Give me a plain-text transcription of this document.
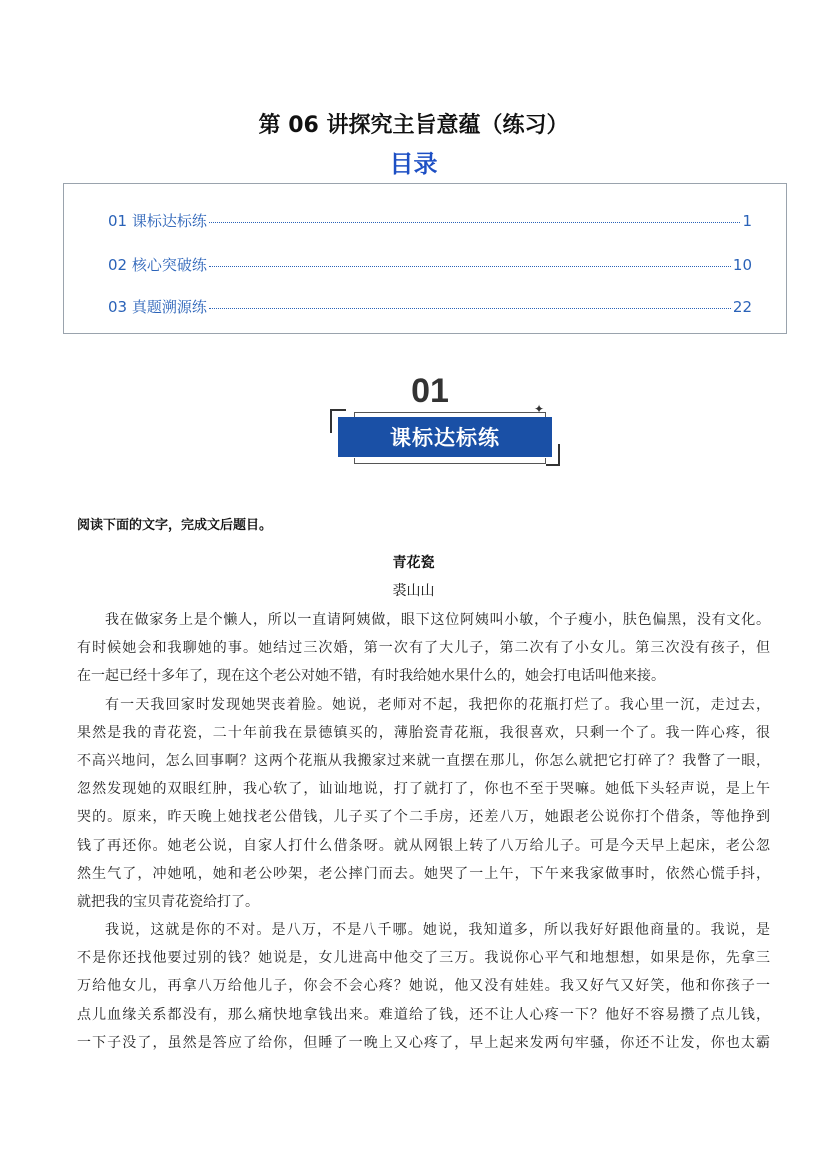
第 06 讲探究主旨意蕴（练习）
目录
01 课标达标练	1
02 核心突破练	10
03 真题溯源练	22
01	✦
课标达标练
阅读下面的文字，完成文后题目。
青花瓷
裘山山
我在做家务上是个懒人，所以一直请阿姨做，眼下这位阿姨叫小敏，个子瘦小，肤色偏黑，没有文化。
有时候她会和我聊她的事。她结过三次婚，第一次有了大儿子，第二次有了小女儿。第三次没有孩子，但
在一起已经十多年了，现在这个老公对她不错，有时我给她水果什么的，她会打电话叫他来接。
有一天我回家时发现她哭丧着脸。她说，老师对不起，我把你的花瓶打烂了。我心里一沉，走过去，
果然是我的青花瓷，二十年前我在景德镇买的，薄胎瓷青花瓶，我很喜欢，只剩一个了。我一阵心疼，很
不高兴地问，怎么回事啊？这两个花瓶从我搬家过来就一直摆在那儿，你怎么就把它打碎了？我瞥了一眼，
忽然发现她的双眼红肿，我心软了，讪讪地说，打了就打了，你也不至于哭嘛。她低下头轻声说，是上午
哭的。原来，昨天晚上她找老公借钱，儿子买了个二手房，还差八万，她跟老公说你打个借条，等他挣到
钱了再还你。她老公说，自家人打什么借条呀。就从网银上转了八万给儿子。可是今天早上起床，老公忽
然生气了，冲她吼，她和老公吵架，老公摔门而去。她哭了一上午，下午来我家做事时，依然心慌手抖，
就把我的宝贝青花瓷给打了。
我说，这就是你的不对。是八万，不是八千哪。她说，我知道多，所以我好好跟他商量的。我说，是
不是你还找他要过别的钱？她说是，女儿进高中他交了三万。我说你心平气和地想想，如果是你，先拿三
万给他女儿，再拿八万给他儿子，你会不会心疼？她说，他又没有娃娃。我又好气又好笑，他和你孩子一
点儿血缘关系都没有，那么痛快地拿钱出来。难道给了钱，还不让人心疼一下？他好不容易攒了点儿钱，
一下子没了，虽然是答应了给你，但睡了一晚上又心疼了，早上起来发两句牢骚，你还不让发，你也太霸
